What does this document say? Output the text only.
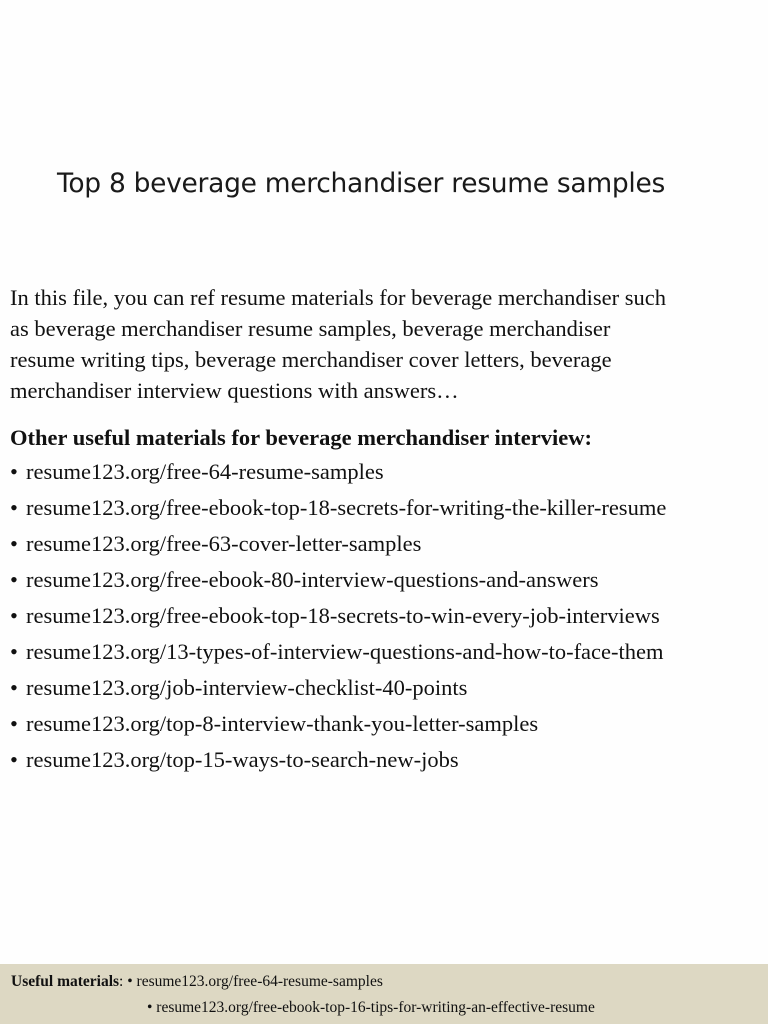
Top 8 beverage merchandiser resume samples
In this file, you can ref resume materials for beverage merchandiser such
as beverage merchandiser resume samples, beverage merchandiser
resume writing tips, beverage merchandiser cover letters, beverage
merchandiser interview questions with answers…
Other useful materials for beverage merchandiser interview:
• resume123.org/free-64-resume-samples
• resume123.org/free-ebook-top-18-secrets-for-writing-the-killer-resume
• resume123.org/free-63-cover-letter-samples
• resume123.org/free-ebook-80-interview-questions-and-answers
• resume123.org/free-ebook-top-18-secrets-to-win-every-job-interviews
• resume123.org/13-types-of-interview-questions-and-how-to-face-them
• resume123.org/job-interview-checklist-40-points
• resume123.org/top-8-interview-thank-you-letter-samples
• resume123.org/top-15-ways-to-search-new-jobs
Useful materials: • resume123.org/free-64-resume-samples
• resume123.org/free-ebook-top-16-tips-for-writing-an-effective-resume
